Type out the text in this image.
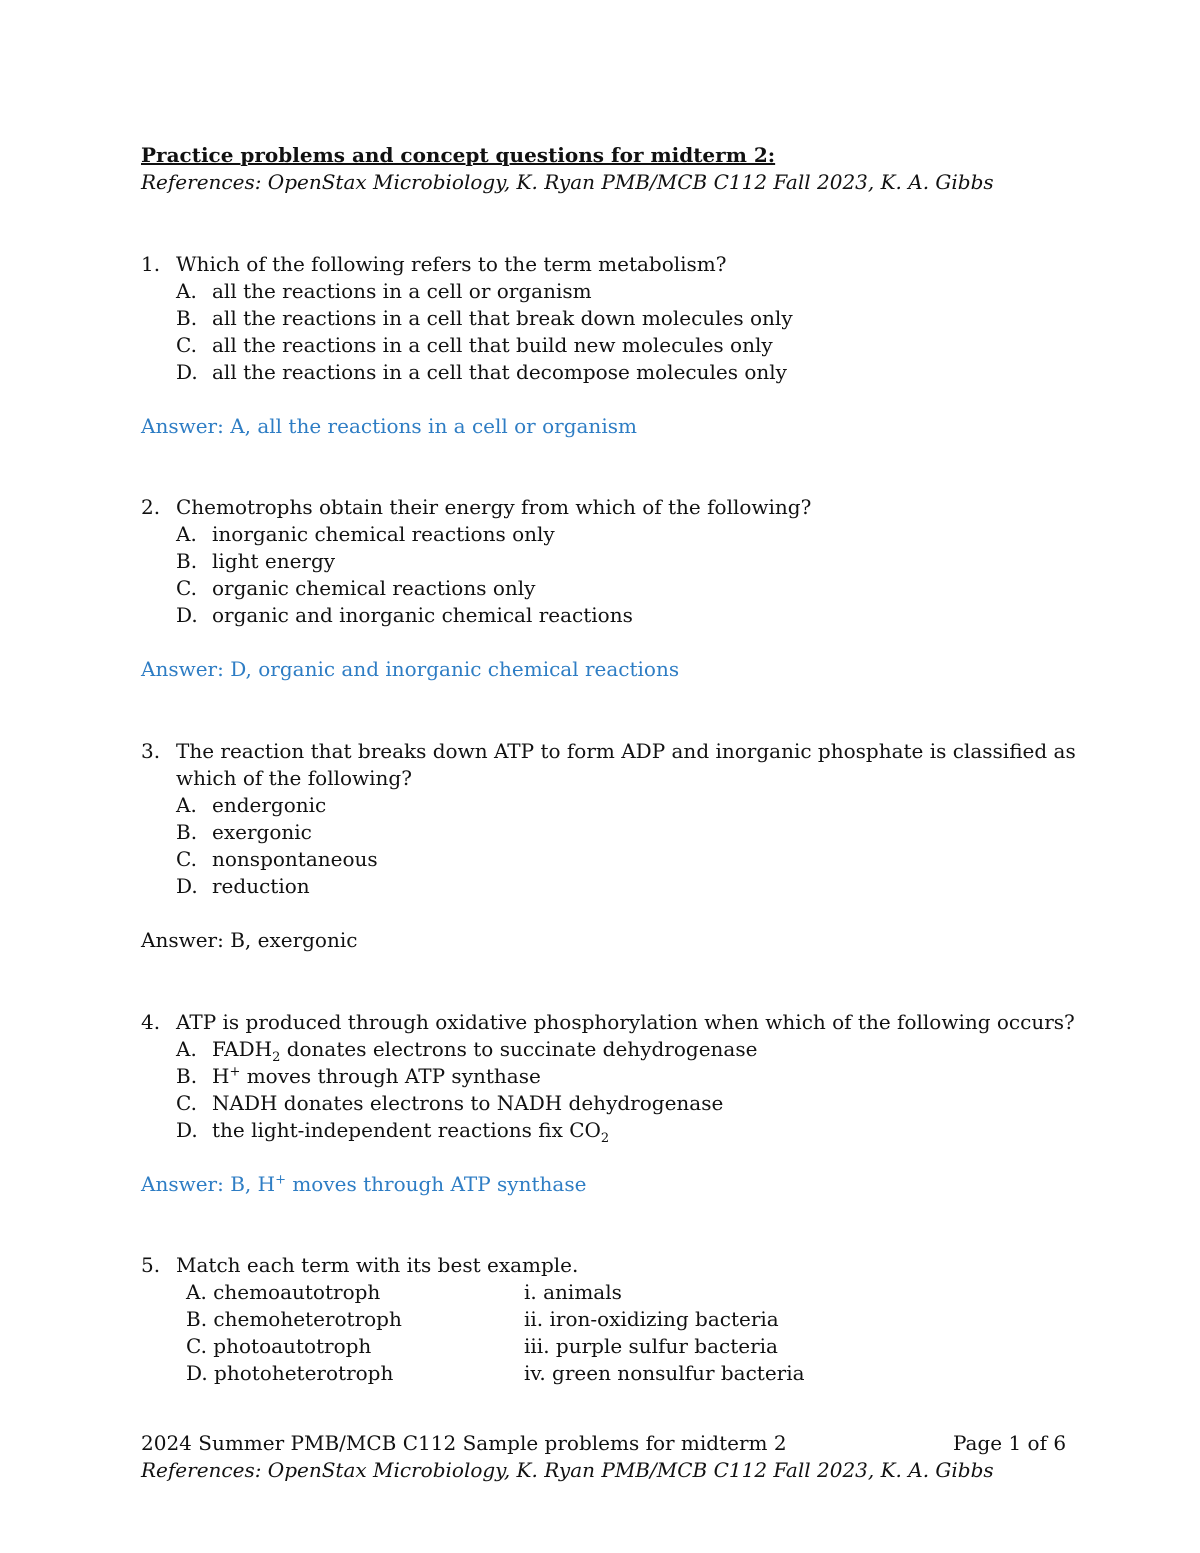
Practice problems and concept questions for midterm 2:
References: OpenStax Microbiology, K. Ryan PMB/MCB C112 Fall 2023, K. A. Gibbs
1. Which of the following refers to the term metabolism?
A. all the reactions in a cell or organism
B. all the reactions in a cell that break down molecules only
C. all the reactions in a cell that build new molecules only
D. all the reactions in a cell that decompose molecules only
Answer: A, all the reactions in a cell or organism
2. Chemotrophs obtain their energy from which of the following?
A. inorganic chemical reactions only
B. light energy
C. organic chemical reactions only
D. organic and inorganic chemical reactions
Answer: D, organic and inorganic chemical reactions
3. The reaction that breaks down ATP to form ADP and inorganic phosphate is classified as
which of the following?
A. endergonic
B. exergonic
C. nonspontaneous
D. reduction
Answer: B, exergonic
4. ATP is produced through oxidative phosphorylation when which of the following occurs?
A. $FADH_2$ donates electrons to succinate dehydrogenase
B. H+ moves through ATP synthase
C. NADH donates electrons to NADH dehydrogenase
D. the light-independent reactions fix $CO_2$
Answer: B, H+ moves through ATP synthase
5. Match each term with its best example.
A. chemoautotroph
B. chemoheterotroph
C. photoautotroph
D. photoheterotroph
i. animals
ii. iron-oxidizing bacteria
iii. purple sulfur bacteria
iv. green nonsulfur bacteria
2024 Summer PMB/MCB C112 Sample problems for midterm 2	Page 1 of 6
References: OpenStax Microbiology, K. Ryan PMB/MCB C112 Fall 2023, K. A. Gibbs
